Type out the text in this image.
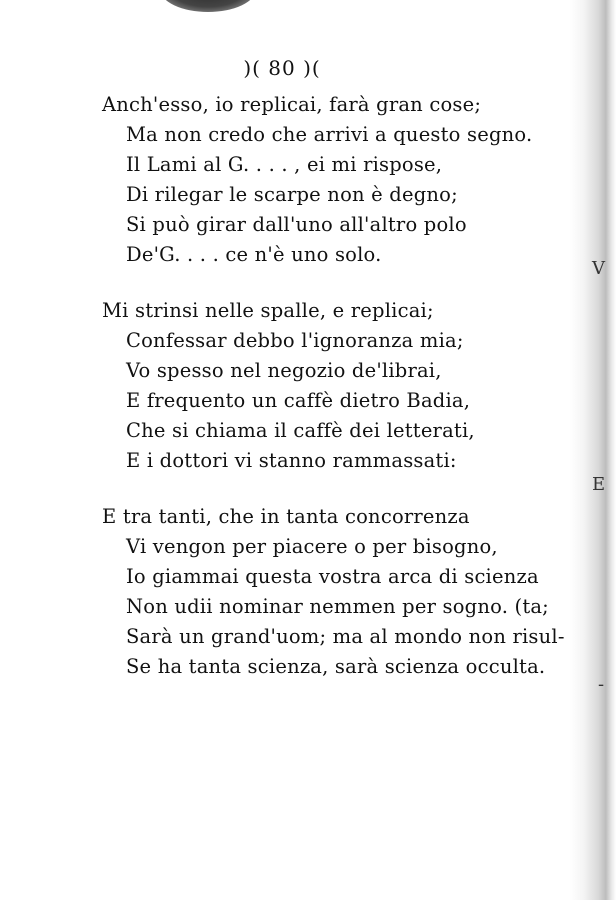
V
E
-
)( 80 )(
Anch'esso, io replicai, farà gran cose;
Ma non credo che arrivi a questo segno.
Il Lami al G. . . . , ei mi rispose,
Di rilegar le scarpe non è degno;
Si può girar dall'uno all'altro polo
De'G. . . . ce n'è uno solo.
Mi strinsi nelle spalle, e replicai;
Confessar debbo l'ignoranza mia;
Vo spesso nel negozio de'librai,
E frequento un caffè dietro Badia,
Che si chiama il caffè dei letterati,
E i dottori vi stanno rammassati:
E tra tanti, che in tanta concorrenza
Vi vengon per piacere o per bisogno,
Io giammai questa vostra arca di scienza
Non udii nominar nemmen per sogno. (ta;
Sarà un grand'uom; ma al mondo non risul-
Se ha tanta scienza, sarà scienza occulta.
